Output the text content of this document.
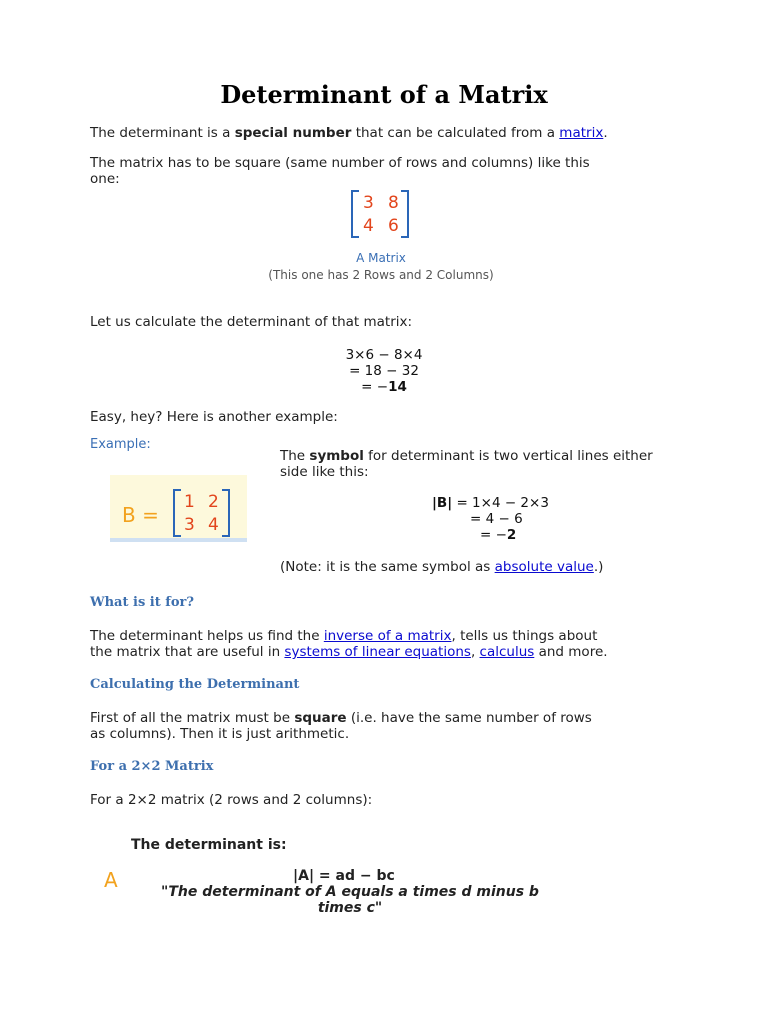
Determinant of a Matrix
The determinant is a special number that can be calculated from a matrix.
The matrix has to be square (same number of rows and columns) like this
one:
3 8
4 6
A Matrix
(This one has 2 Rows and 2 Columns)
Let us calculate the determinant of that matrix:
3×6 − 8×4
= 18 − 32
= −14
Easy, hey? Here is another example:
Example:
B =
1 2
3 4
The symbol for determinant is two vertical lines either
side like this:
|B| = 1×4 − 2×3
= 4 − 6
= −2
(Note: it is the same symbol as absolute value.)
What is it for?
The determinant helps us find the inverse of a matrix, tells us things about
the matrix that are useful in systems of linear equations, calculus and more.
Calculating the Determinant
First of all the matrix must be square (i.e. have the same number of rows
as columns). Then it is just arithmetic.
For a 2×2 Matrix
For a 2×2 matrix (2 rows and 2 columns):
The determinant is:
A	|A| = ad − bc
"The determinant of A equals a times d minus b
times c"
